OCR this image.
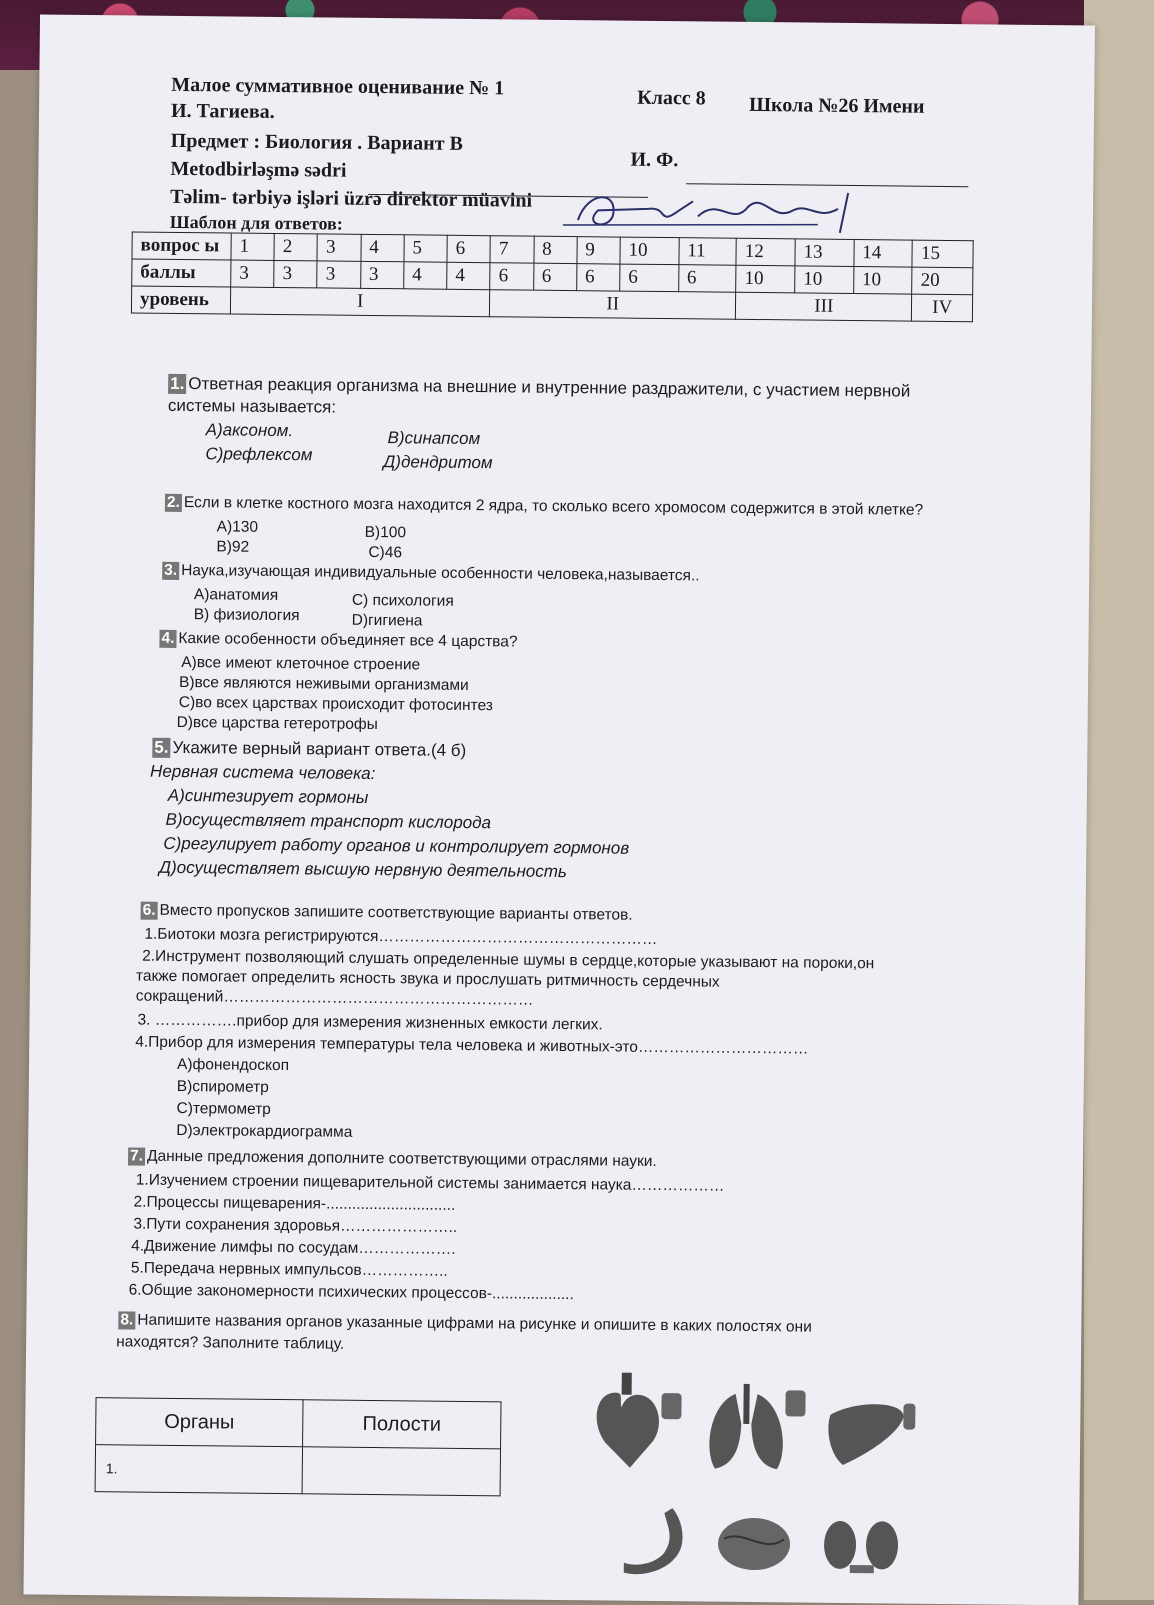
Малое суммативное оценивание № 1	Класс 8 Школа №26 Имени
И. Тагиева.
Предмет : Биология . Вариант В
И. Ф.
Metodbirləşmə sədri
Təlim- tərbiyə işləri üzrə direktor müavini
Шаблон для ответов:
вопрос ы	1	2	3	4	5	6	7	8	9	10	11	12	13	14	15
баллы	3	3	3	3	4	4	6	6	6	6	6	10	10	10	20
уровень	I						II					III			IV
1. Ответная реакция организма на внешние и внутренние раздражители, с участием нервной
системы называется:
А)аксоном.	В)синапсом
С)рефлексом	Д)дендритом
2. Если в клетке костного мозга находится 2 ядра, то сколько всего хромосом содержится в этой клетке?
А)130	В)100
В)92	С)46
3. Наука,изучающая индивидуальные особенности человека,называется..
А)анатомия	С) психология
В) физиология	D)гигиена
4. Какие особенности объединяет все 4 царства?
А)все имеют клеточное строение
В)все являются неживыми организмами
С)во всех царствах происходит фотосинтез
D)все царства гетеротрофы
5. Укажите верный вариант ответа.(4 б)
Нервная система человека:
А)синтезирует гормоны
В)осуществляет транспорт кислорода
С)регулирует работу органов и контролирует гормонов
Д)осуществляет высшую нервную деятельность
6. Вместо пропусков запишите соответствующие варианты ответов.
1.Биотоки мозга регистрируются………………………………………………
2.Инструмент позволяющий слушать определенные шумы в сердце,которые указывают на пороки,он
также помогает определить ясность звука и прослушать ритмичность сердечных
сокращений……………………………………………………
3. …………….прибор для измерения жизненных емкости легких.
4.Прибор для измерения температуры тела человека и животных-это……………………………
А)фонендоскоп
В)спирометр
С)термометр
D)электрокардиограмма
7. Данные предложения дополните соответствующими отраслями науки.
1.Изучением строении пищеварительной системы занимается наука………………
2.Процессы пищеварения-..............................
3.Пути сохранения здоровья…………………..
4.Движение лимфы по сосудам……………….
5.Передача нервных импульсов……………..
6.Общие закономерности психических процессов-...................
8. Напишите названия органов указанные цифрами на рисунке и опишите в каких полостях они
находятся? Заполните таблицу.
Органы	Полости
1.	
